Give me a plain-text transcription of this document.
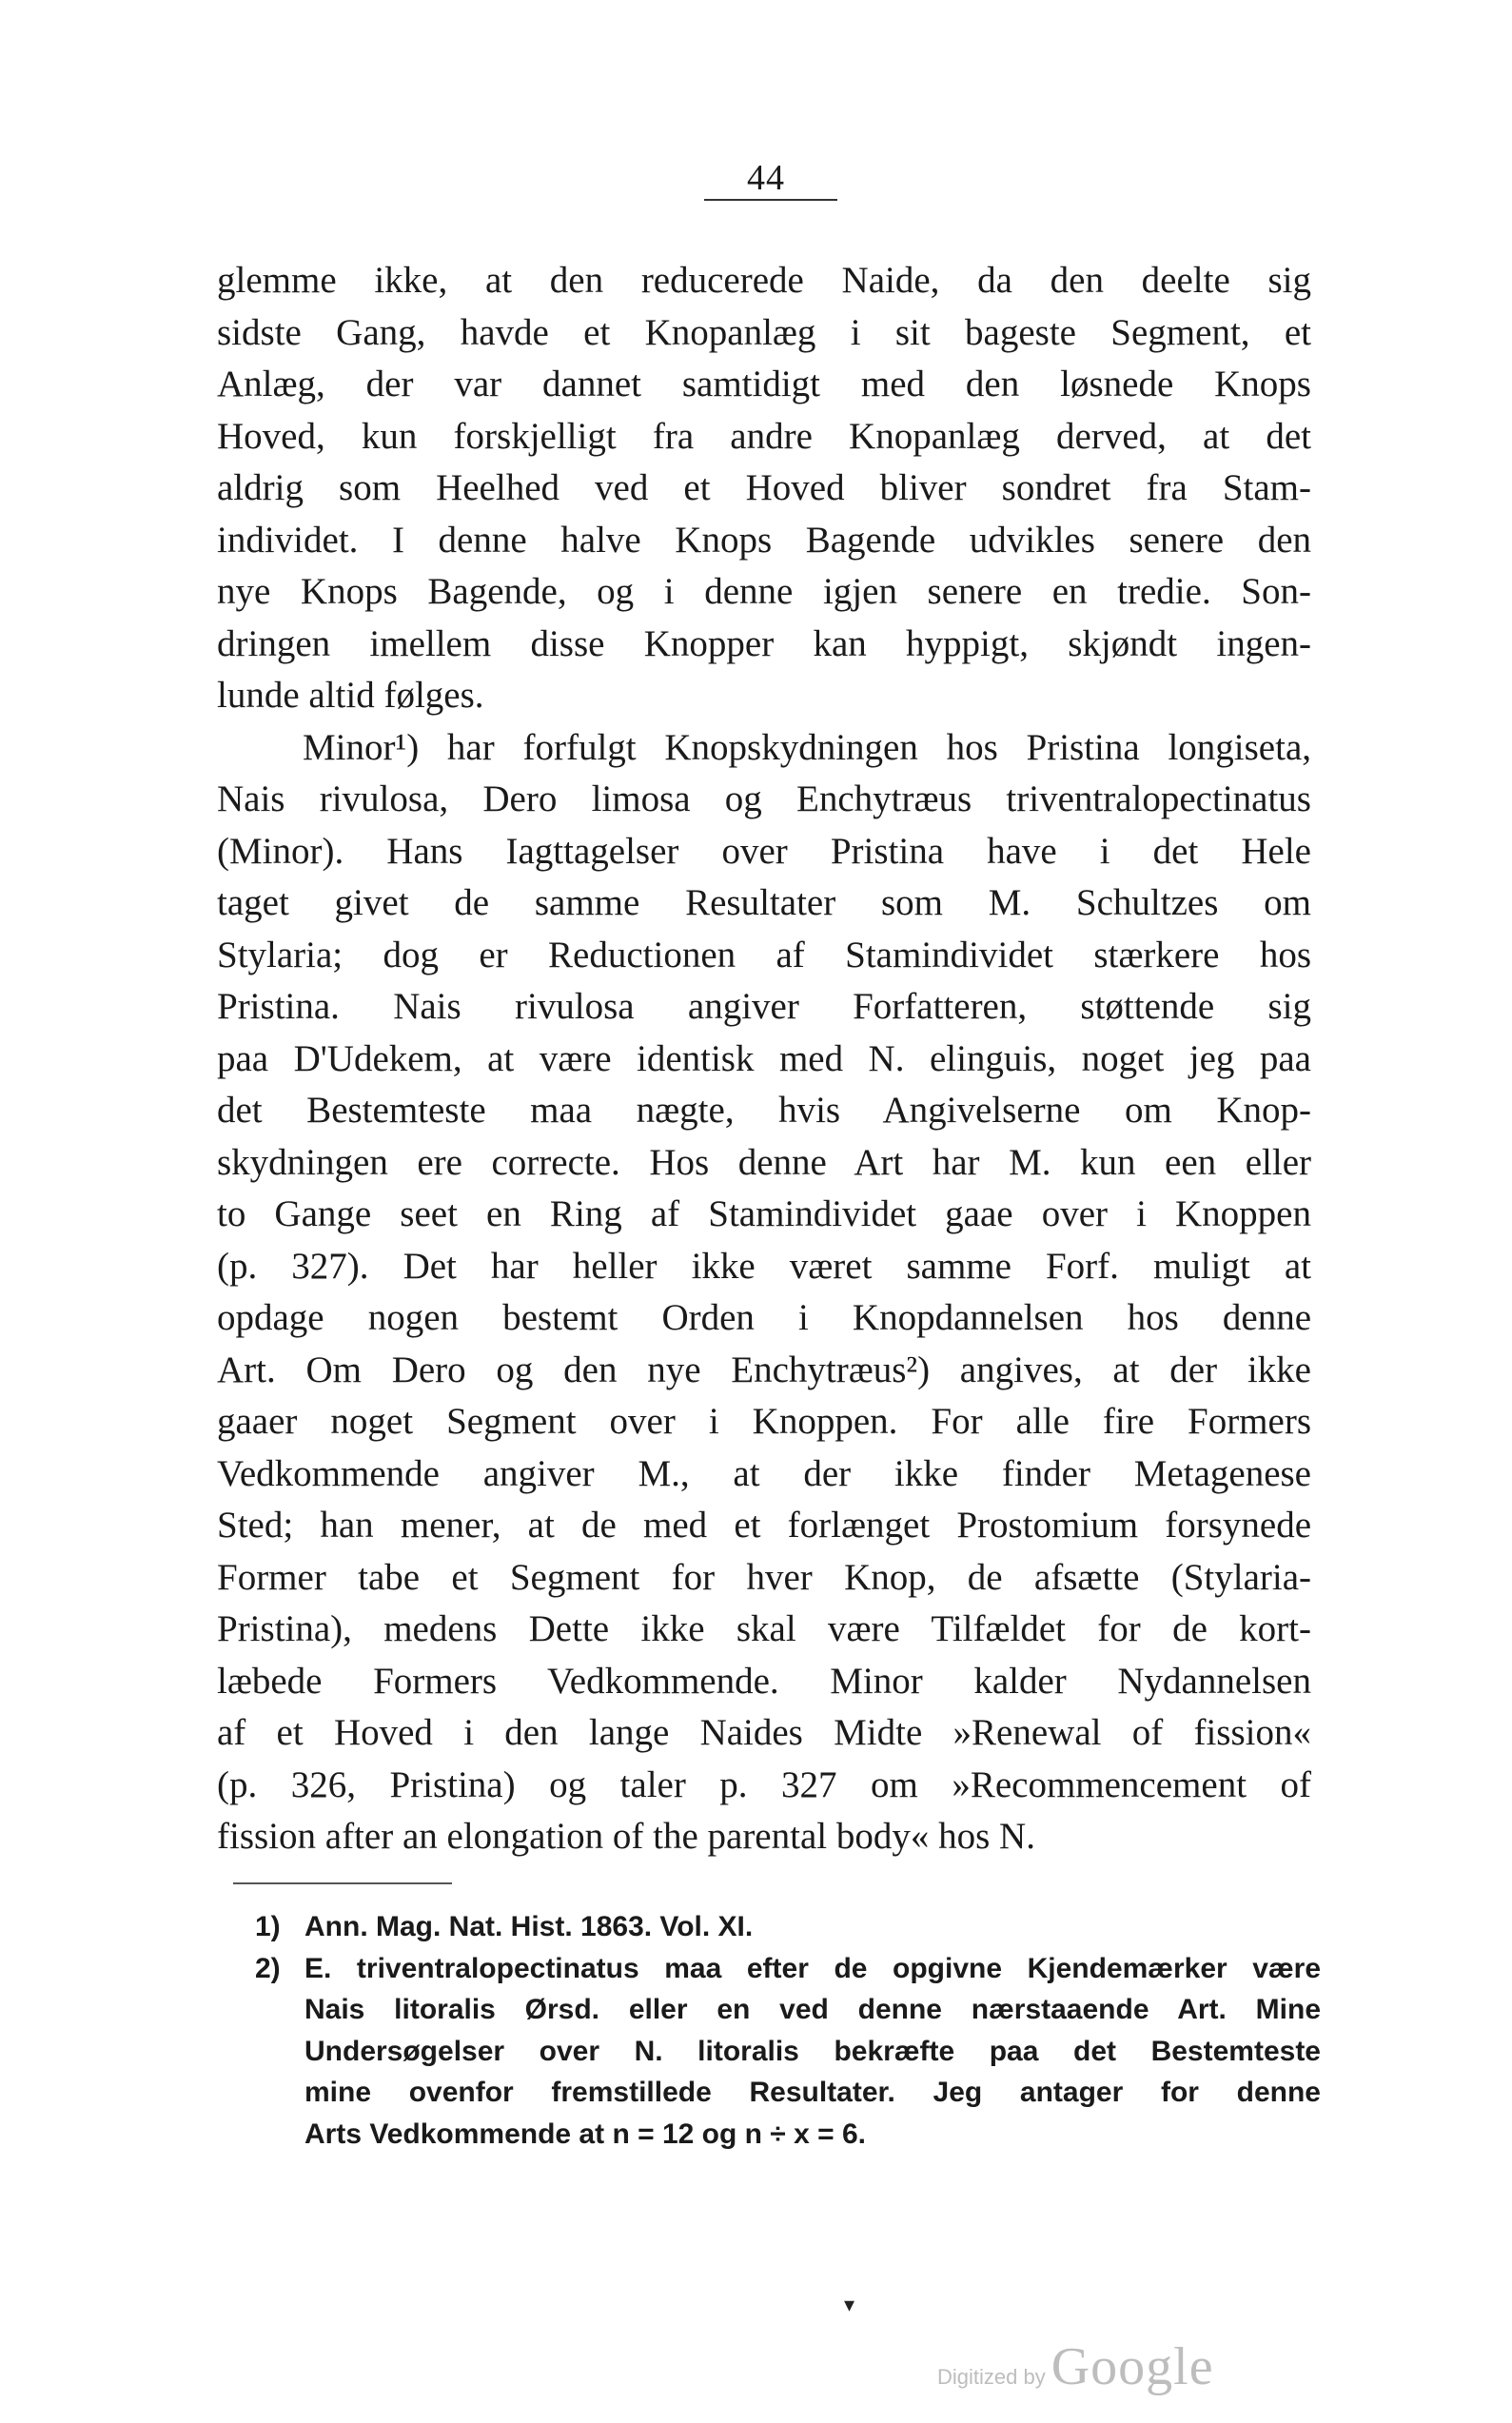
44
glemme ikke, at den reducerede Naide, da den deelte sig
sidste Gang, havde et Knopanlæg i sit bageste Segment, et
Anlæg, der var dannet samtidigt med den løsnede Knops
Hoved, kun forskjelligt fra andre Knopanlæg derved, at det
aldrig som Heelhed ved et Hoved bliver sondret fra Stam-
individet. I denne halve Knops Bagende udvikles senere den
nye Knops Bagende, og i denne igjen senere en tredie. Son-
dringen imellem disse Knopper kan hyppigt, skjøndt ingen-
lunde altid følges.
Minor¹) har forfulgt Knopskydningen hos Pristina longiseta,
Nais rivulosa, Dero limosa og Enchytræus triventralopectinatus
(Minor). Hans Iagttagelser over Pristina have i det Hele
taget givet de samme Resultater som M. Schultzes om
Stylaria; dog er Reductionen af Stamindividet stærkere hos
Pristina. Nais rivulosa angiver Forfatteren, støttende sig
paa D'Udekem, at være identisk med N. elinguis, noget jeg paa
det Bestemteste maa nægte, hvis Angivelserne om Knop-
skydningen ere correcte. Hos denne Art har M. kun een eller
to Gange seet en Ring af Stamindividet gaae over i Knoppen
(p. 327). Det har heller ikke været samme Forf. muligt at
opdage nogen bestemt Orden i Knopdannelsen hos denne
Art. Om Dero og den nye Enchytræus²) angives, at der ikke
gaaer noget Segment over i Knoppen. For alle fire Formers
Vedkommende angiver M., at der ikke finder Metagenese
Sted; han mener, at de med et forlænget Prostomium forsynede
Former tabe et Segment for hver Knop, de afsætte (Stylaria-
Pristina), medens Dette ikke skal være Tilfældet for de kort-
læbede Formers Vedkommende. Minor kalder Nydannelsen
af et Hoved i den lange Naides Midte »Renewal of fission«
(p. 326, Pristina) og taler p. 327 om »Recommencement of
fission after an elongation of the parental body« hos N.
1) Ann. Mag. Nat. Hist. 1863. Vol. XI.
2) E. triventralopectinatus maa efter de opgivne Kjendemærker være
Nais litoralis Ørsd. eller en ved denne nærstaaende Art. Mine
Undersøgelser over N. litoralis bekræfte paa det Bestemteste
mine ovenfor fremstillede Resultater. Jeg antager for denne
Arts Vedkommende at n = 12 og n ÷ x = 6.
▾
Digitized by Google
